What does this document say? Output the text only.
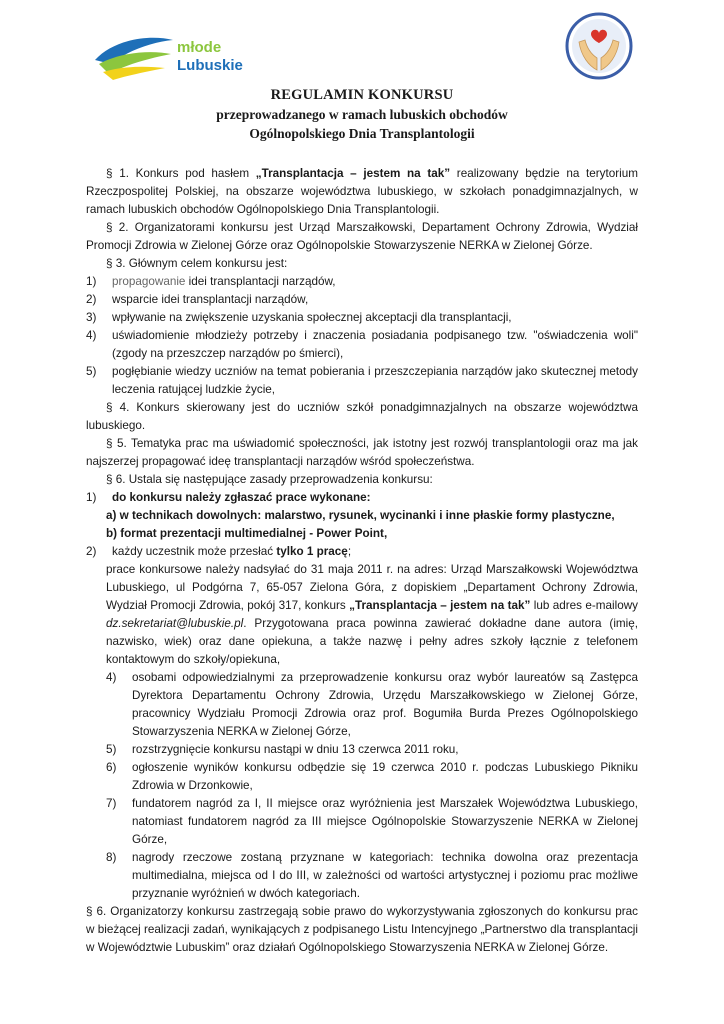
młode
Lubuskie
REGULAMIN KONKURSU
przeprowadzanego w ramach lubuskich obchodów
Ogólnopolskiego Dnia Transplantologii

§ 1. Konkurs pod hasłem „Transplantacja – jestem na tak” realizowany będzie na terytorium Rzeczpospolitej Polskiej, na obszarze województwa lubuskiego, w szkołach ponadgimnazjalnych, w ramach lubuskich obchodów Ogólnopolskiego Dnia Transplantologii.

§ 2. Organizatorami konkursu jest Urząd Marszałkowski, Departament Ochrony Zdrowia, Wydział Promocji Zdrowia w Zielonej Górze oraz Ogólnopolskie Stowarzyszenie NERKA w Zielonej Górze.

§ 3. Głównym celem konkursu jest:

1)	propagowanie idei transplantacji narządów,
2)	wsparcie idei transplantacji narządów,
3)	wpływanie na zwiększenie uzyskania społecznej akceptacji dla transplantacji,
4)	uświadomienie młodzieży potrzeby i znaczenia posiadania podpisanego tzw. "oświadczenia woli" (zgody na przeszczep narządów po śmierci),
5)	pogłębianie wiedzy uczniów na temat pobierania i przeszczepiania narządów jako skutecznej metody leczenia ratującej ludzkie życie,

§ 4. Konkurs skierowany jest do uczniów szkół ponadgimnazjalnych na obszarze województwa lubuskiego.

§ 5. Tematyka prac ma uświadomić społeczności, jak istotny jest rozwój transplantologii oraz ma jak najszerzej propagować ideę transplantacji narządów wśród społeczeństwa.

§ 6. Ustala się następujące zasady przeprowadzenia konkursu:

1)	do konkursu należy zgłaszać prace wykonane:
a) w technikach dowolnych: malarstwo, rysunek, wycinanki i inne płaskie formy plastyczne,
b) format prezentacji multimedialnej - Power Point,
2)	każdy uczestnik może przesłać tylko 1 pracę;

prace konkursowe należy nadsyłać do 31 maja 2011 r. na adres: Urząd Marszałkowski Województwa Lubuskiego, ul Podgórna 7, 65-057 Zielona Góra, z dopiskiem „Departament Ochrony Zdrowia, Wydział Promocji Zdrowia, pokój 317, konkurs „Transplantacja – jestem na tak” lub adres e-mailowy dz.sekretariat@lubuskie.pl. Przygotowana praca powinna zawierać dokładne dane autora (imię, nazwisko, wiek) oraz dane opiekuna, a także nazwę i pełny adres szkoły łącznie z telefonem kontaktowym do szkoły/opiekuna,

4)	osobami odpowiedzialnymi za przeprowadzenie konkursu oraz wybór laureatów są Zastępca Dyrektora Departamentu Ochrony Zdrowia, Urzędu Marszałkowskiego w Zielonej Górze, pracownicy Wydziału Promocji Zdrowia oraz prof. Bogumiła Burda Prezes Ogólnopolskiego Stowarzyszenia NERKA w Zielonej Górze,
5)	rozstrzygnięcie konkursu nastąpi w dniu 13 czerwca 2011 roku,
6)	ogłoszenie wyników konkursu odbędzie się 19 czerwca 2010 r. podczas Lubuskiego Pikniku Zdrowia w Drzonkowie,
7)	fundatorem nagród za I, II miejsce oraz wyróżnienia jest Marszałek Województwa Lubuskiego, natomiast fundatorem nagród za III miejsce Ogólnopolskie Stowarzyszenie NERKA w Zielonej Górze,
8)	nagrody rzeczowe zostaną przyznane w kategoriach: technika dowolna oraz prezentacja multimedialna, miejsca od I do III, w zależności od wartości artystycznej i poziomu prac możliwe przyznanie wyróżnień w dwóch kategoriach.

§ 6. Organizatorzy konkursu zastrzegają sobie prawo do wykorzystywania zgłoszonych do konkursu prac w bieżącej realizacji zadań, wynikających z podpisanego Listu Intencyjnego „Partnerstwo dla transplantacji w Województwie Lubuskim” oraz działań Ogólnopolskiego Stowarzyszenia NERKA w Zielonej Górze.
